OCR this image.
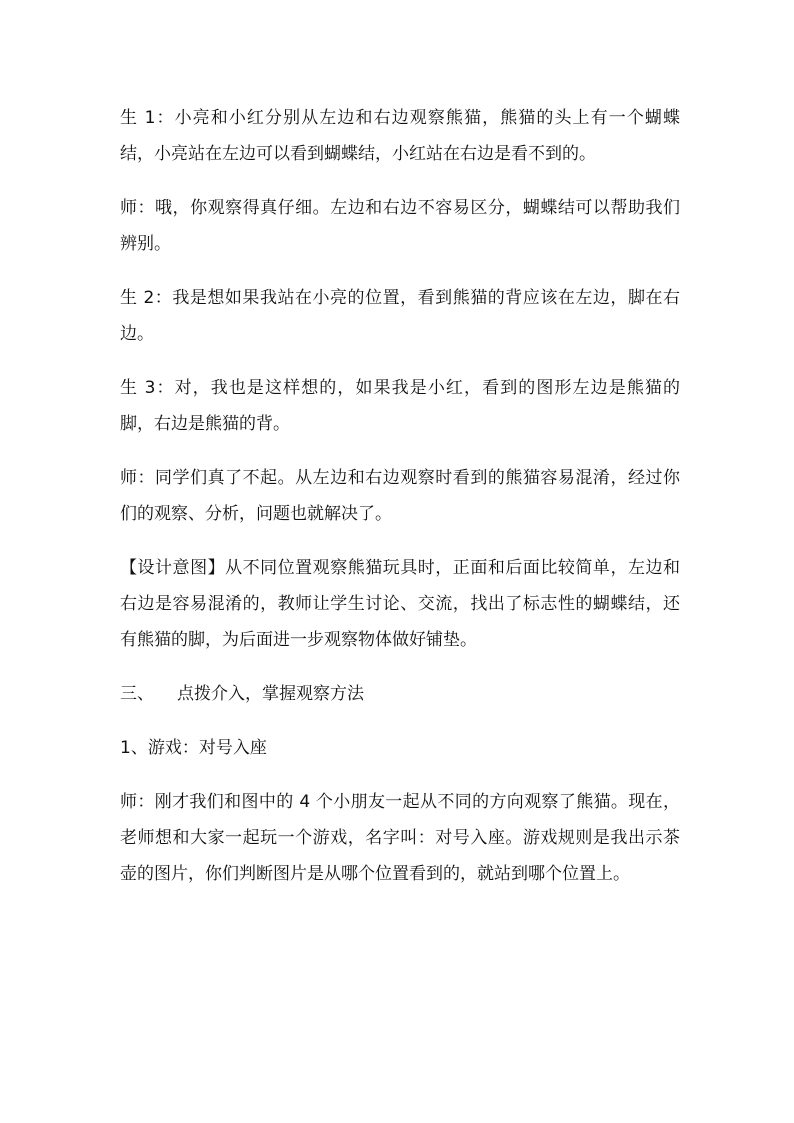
生 1：小亮和小红分别从左边和右边观察熊猫，熊猫的头上有一个蝴蝶结，小亮站在左边可以看到蝴蝶结，小红站在右边是看不到的。

师：哦，你观察得真仔细。左边和右边不容易区分，蝴蝶结可以帮助我们辨别。

生 2：我是想如果我站在小亮的位置，看到熊猫的背应该在左边，脚在右边。

生 3：对，我也是这样想的，如果我是小红，看到的图形左边是熊猫的脚，右边是熊猫的背。

师：同学们真了不起。从左边和右边观察时看到的熊猫容易混淆，经过你们的观察、分析，问题也就解决了。

【设计意图】从不同位置观察熊猫玩具时，正面和后面比较简单，左边和右边是容易混淆的，教师让学生讨论、交流，找出了标志性的蝴蝶结，还有熊猫的脚，为后面进一步观察物体做好铺垫。

三、 点拨介入，掌握观察方法

1、游戏：对号入座

师：刚才我们和图中的 4 个小朋友一起从不同的方向观察了熊猫。现在，老师想和大家一起玩一个游戏，名字叫：对号入座。游戏规则是我出示茶壶的图片，你们判断图片是从哪个位置看到的，就站到哪个位置上。
